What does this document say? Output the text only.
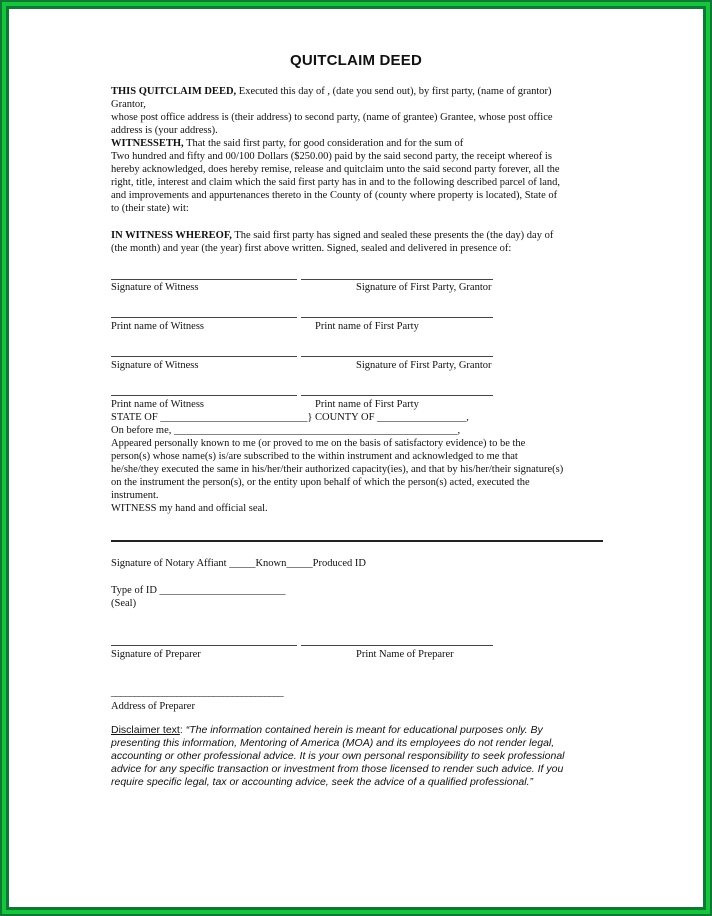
QUITCLAIM DEED

THIS QUITCLAIM DEED, Executed this day of , (date you send out), by first party, (name of grantor)

Grantor,

whose post office address is (their address) to second party, (name of grantee) Grantee, whose post office

address is (your address).

WITNESSETH, That the said first party, for good consideration and for the sum of

Two hundred and fifty and 00/100 Dollars ($250.00) paid by the said second party, the receipt whereof is

hereby acknowledged, does hereby remise, release and quitclaim unto the said second party forever, all the

right, title, interest and claim which the said first party has in and to the following described parcel of land,

and improvements and appurtenances thereto in the County of (county where property is located), State of

to (their state) wit:

IN WITNESS WHEREOF, The said first party has signed and sealed these presents the (the day) day of

(the month) and year (the year) first above written. Signed, sealed and delivered in presence of:

Signature of Witness	Signature of First Party, Grantor
Print name of Witness	Print name of First Party
Signature of Witness	Signature of First Party, Grantor
Print name of Witness	Print name of First Party

STATE OF ____________________________} COUNTY OF _________________,

On before me, ______________________________________________________,

Appeared personally known to me (or proved to me on the basis of satisfactory evidence) to be the

person(s) whose name(s) is/are subscribed to the within instrument and acknowledged to me that

he/she/they executed the same in his/her/their authorized capacity(ies), and that by his/her/their signature(s)

on the instrument the person(s), or the entity upon behalf of which the person(s) acted, executed the

instrument.

WITNESS my hand and official seal.

Signature of Notary Affiant _____Known_____Produced ID
Type of ID ________________________
(Seal)
Signature of Preparer	Print Name of Preparer
_____________________________________
Address of Preparer
Disclaimer text: “The information contained herein is meant for educational purposes only. By presenting this information, Mentoring of America (MOA) and its employees do not render legal, accounting or other professional advice. It is your own personal responsibility to seek professional advice for any specific transaction or investment from those licensed to render such advice. If you require specific legal, tax or accounting advice, seek the advice of a qualified professional.”
